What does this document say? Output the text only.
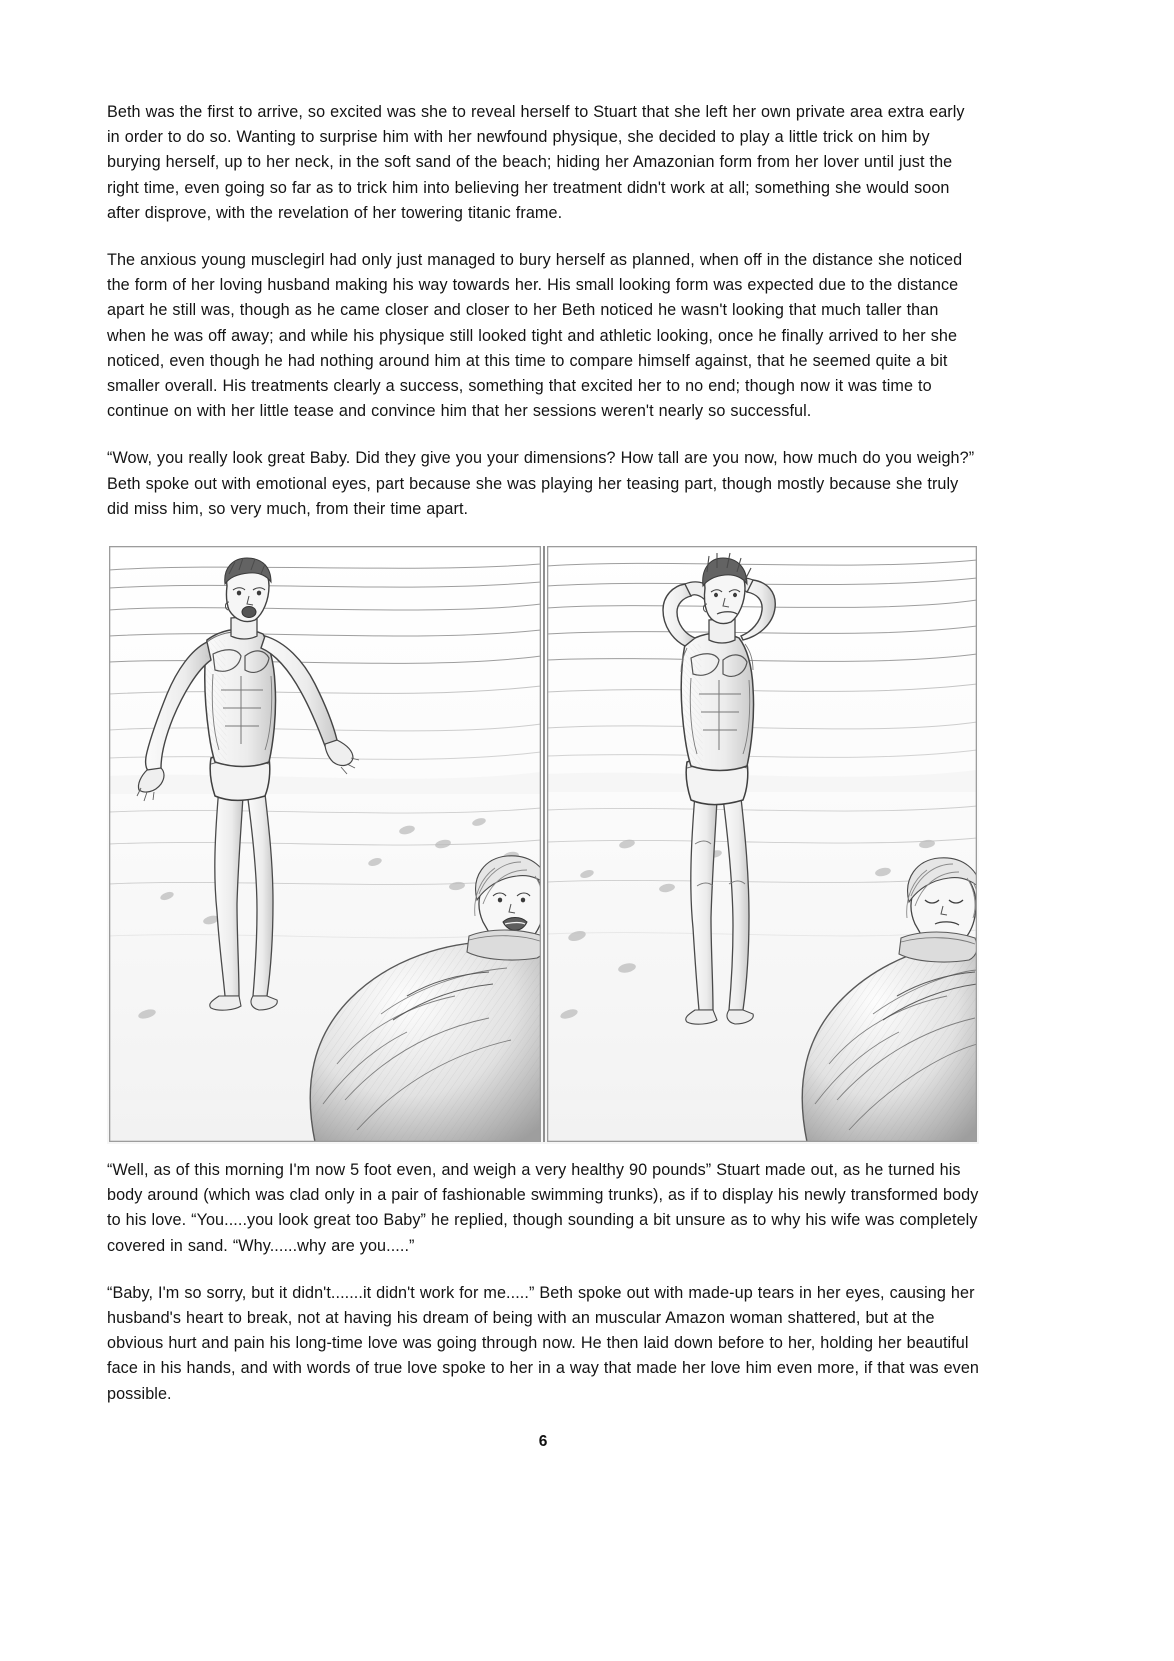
Beth was the first to arrive, so excited was she to reveal herself to Stuart that she left her own private area extra early in order to do so. Wanting to surprise him with her newfound physique, she decided to play a little trick on him by burying herself, up to her neck, in the soft sand of the beach; hiding her Amazonian form from her lover until just the right time, even going so far as to trick him into believing her treatment didn't work at all; something she would soon after disprove, with the revelation of her towering titanic frame.

The anxious young musclegirl had only just managed to bury herself as planned, when off in the distance she noticed the form of her loving husband making his way towards her. His small looking form was expected due to the distance apart he still was, though as he came closer and closer to her Beth noticed he wasn't looking that much taller than when he was off away; and while his physique still looked tight and athletic looking, once he finally arrived to her she noticed, even though he had nothing around him at this time to compare himself against, that he seemed quite a bit smaller overall. His treatments clearly a success, something that excited her to no end; though now it was time to continue on with her little tease and convince him that her sessions weren't nearly so successful.

“Wow, you really look great Baby. Did they give you your dimensions? How tall are you now, how much do you weigh?” Beth spoke out with emotional eyes, part because she was playing her teasing part, though mostly because she truly did miss him, so very much, from their time apart.

“Well, as of this morning I'm now 5 foot even, and weigh a very healthy 90 pounds” Stuart made out, as he turned his body around (which was clad only in a pair of fashionable swimming trunks), as if to display his newly transformed body to his love. “You.....you look great too Baby” he replied, though sounding a bit unsure as to why his wife was completely covered in sand. “Why......why are you.....”

“Baby, I'm so sorry, but it didn't.......it didn't work for me.....” Beth spoke out with made-up tears in her eyes, causing her husband's heart to break, not at having his dream of being with an muscular Amazon woman shattered, but at the obvious hurt and pain his long-time love was going through now. He then laid down before to her, holding her beautiful face in his hands, and with words of true love spoke to her in a way that made her love him even more, if that was even possible.

6
